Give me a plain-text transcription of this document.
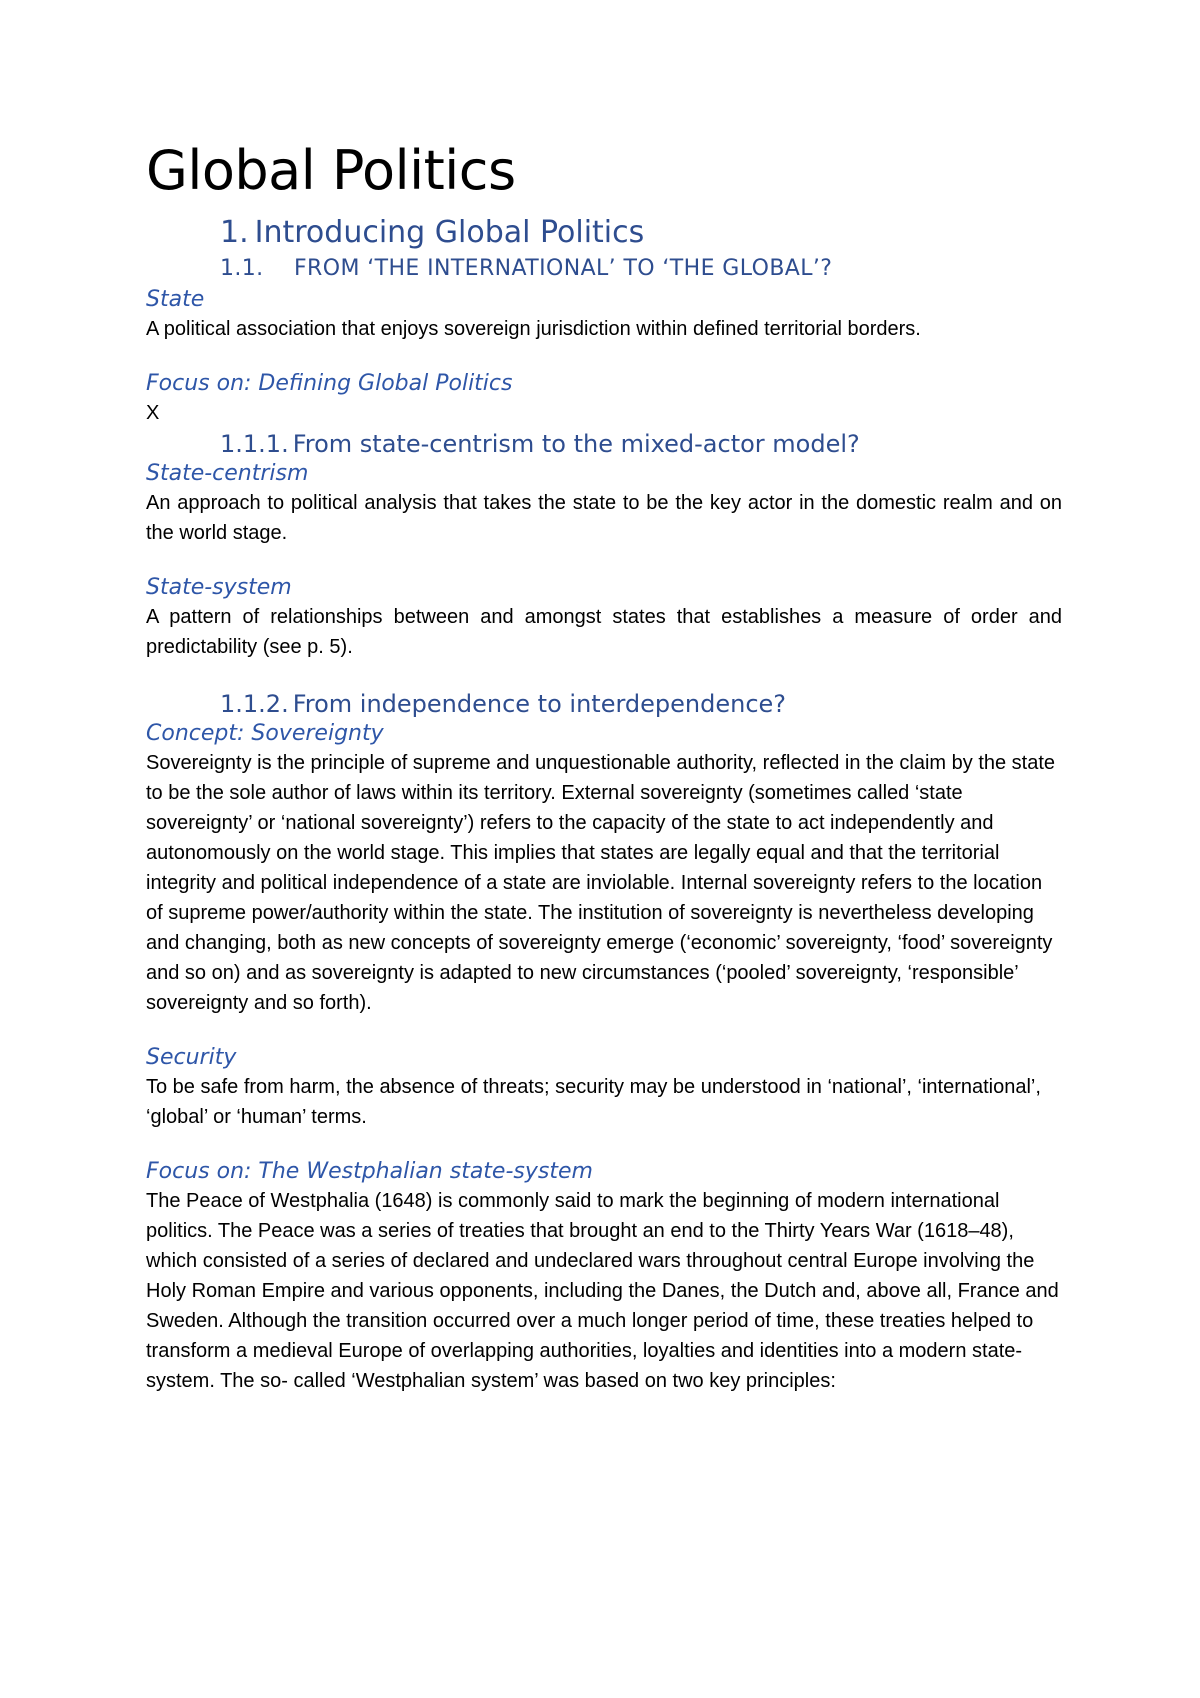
Global Politics
1. Introducing Global Politics
1.1. FROM ‘THE INTERNATIONAL’ TO ‘THE GLOBAL’?
State

A political association that enjoys sovereign jurisdiction within defined territorial borders.

Focus on: Defining Global Politics

X

1.1.1. From state-centrism to the mixed-actor model?
State-centrism

An approach to political analysis that takes the state to be the key actor in the domestic realm and on the world stage.

State-system

A pattern of relationships between and amongst states that establishes a measure of order and predictability (see p. 5).

1.1.2. From independence to interdependence?
Concept: Sovereignty

Sovereignty is the principle of supreme and unquestionable authority, reflected in the claim by the state to be the sole author of laws within its territory. External sovereignty (sometimes called ‘state sovereignty’ or ‘national sovereignty’) refers to the capacity of the state to act independently and autonomously on the world stage. This implies that states are legally equal and that the territorial integrity and political independence of a state are inviolable. Internal sovereignty refers to the location of supreme power/authority within the state. The institution of sovereignty is nevertheless developing and changing, both as new concepts of sovereignty emerge (‘economic’ sovereignty, ‘food’ sovereignty and so on) and as sovereignty is adapted to new circumstances (‘pooled’ sovereignty, ‘responsible’ sovereignty and so forth).

Security

To be safe from harm, the absence of threats; security may be understood in ‘national’, ‘international’, ‘global’ or ‘human’ terms.

Focus on: The Westphalian state-system

The Peace of Westphalia (1648) is commonly said to mark the beginning of modern international politics. The Peace was a series of treaties that brought an end to the Thirty Years War (1618–48), which consisted of a series of declared and undeclared wars throughout central Europe involving the Holy Roman Empire and various opponents, including the Danes, the Dutch and, above all, France and Sweden. Although the transition occurred over a much longer period of time, these treaties helped to transform a medieval Europe of overlapping authorities, loyalties and identities into a modern state-system. The so- called ‘Westphalian system’ was based on two key principles:
